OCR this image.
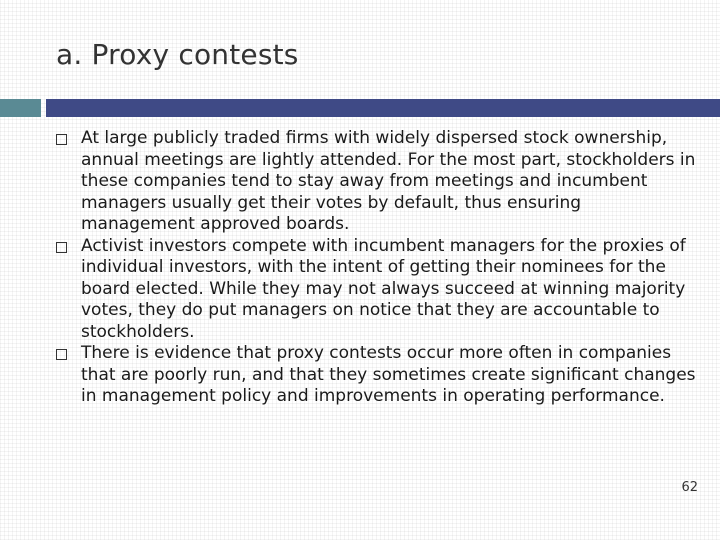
a. Proxy contests
At large publicly traded firms with widely dispersed stock ownership, annual meetings are lightly attended. For the most part, stockholders in these companies tend to stay away from meetings and incumbent managers usually get their votes by default, thus ensuring management approved boards.
Activist investors compete with incumbent managers for the proxies of individual investors, with the intent of getting their nominees for the board elected. While they may not always succeed at winning majority votes, they do put managers on notice that they are accountable to stockholders.
There is evidence that proxy contests occur more often in companies that are poorly run, and that they sometimes create significant changes in management policy and improvements in operating performance.
62
